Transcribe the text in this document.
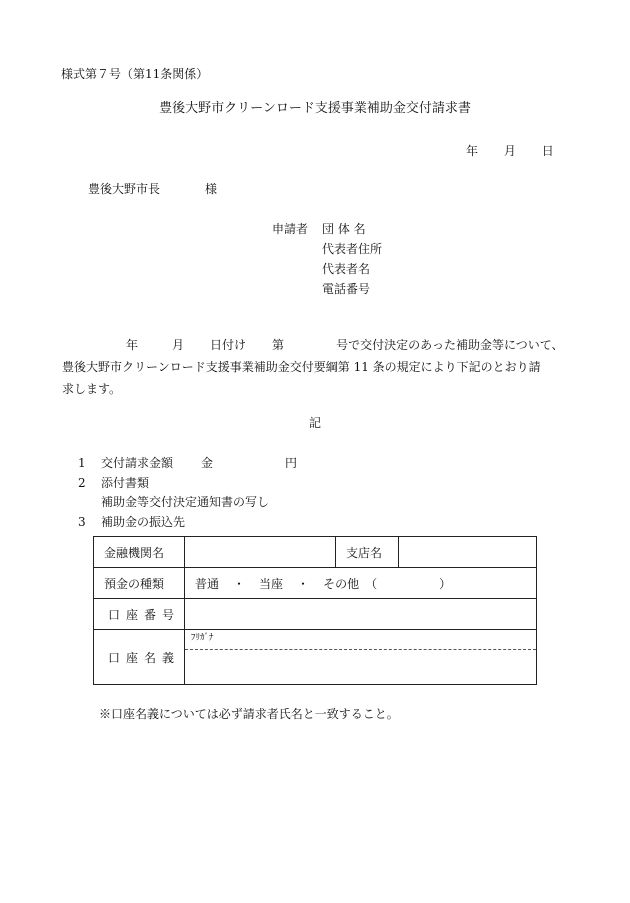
様式第７号（第11条関係）
豊後大野市クリーンロード支援事業補助金交付請求書
年 月 日
豊後大野市長	様
申請者 団 体 名
代表者住所
代表者名
電話番号
年	月 日付け 第	号で交付決定のあった補助金等について、
豊後大野市クリーンロード支援事業補助金交付要綱第 11 条の規定により下記のとおり請
求します。
記
1 交付請求金額 金	円
2 添付書類
補助金等交付決定通知書の写し
3 補助金の振込先
金融機関名		支店名	
預金の種類	普通 ・ 当座 ・ その他 （ ）		
口座番号			
口座名義	ﾌﾘｶﾞﾅ		
※口座名義については必ず請求者氏名と一致すること。
